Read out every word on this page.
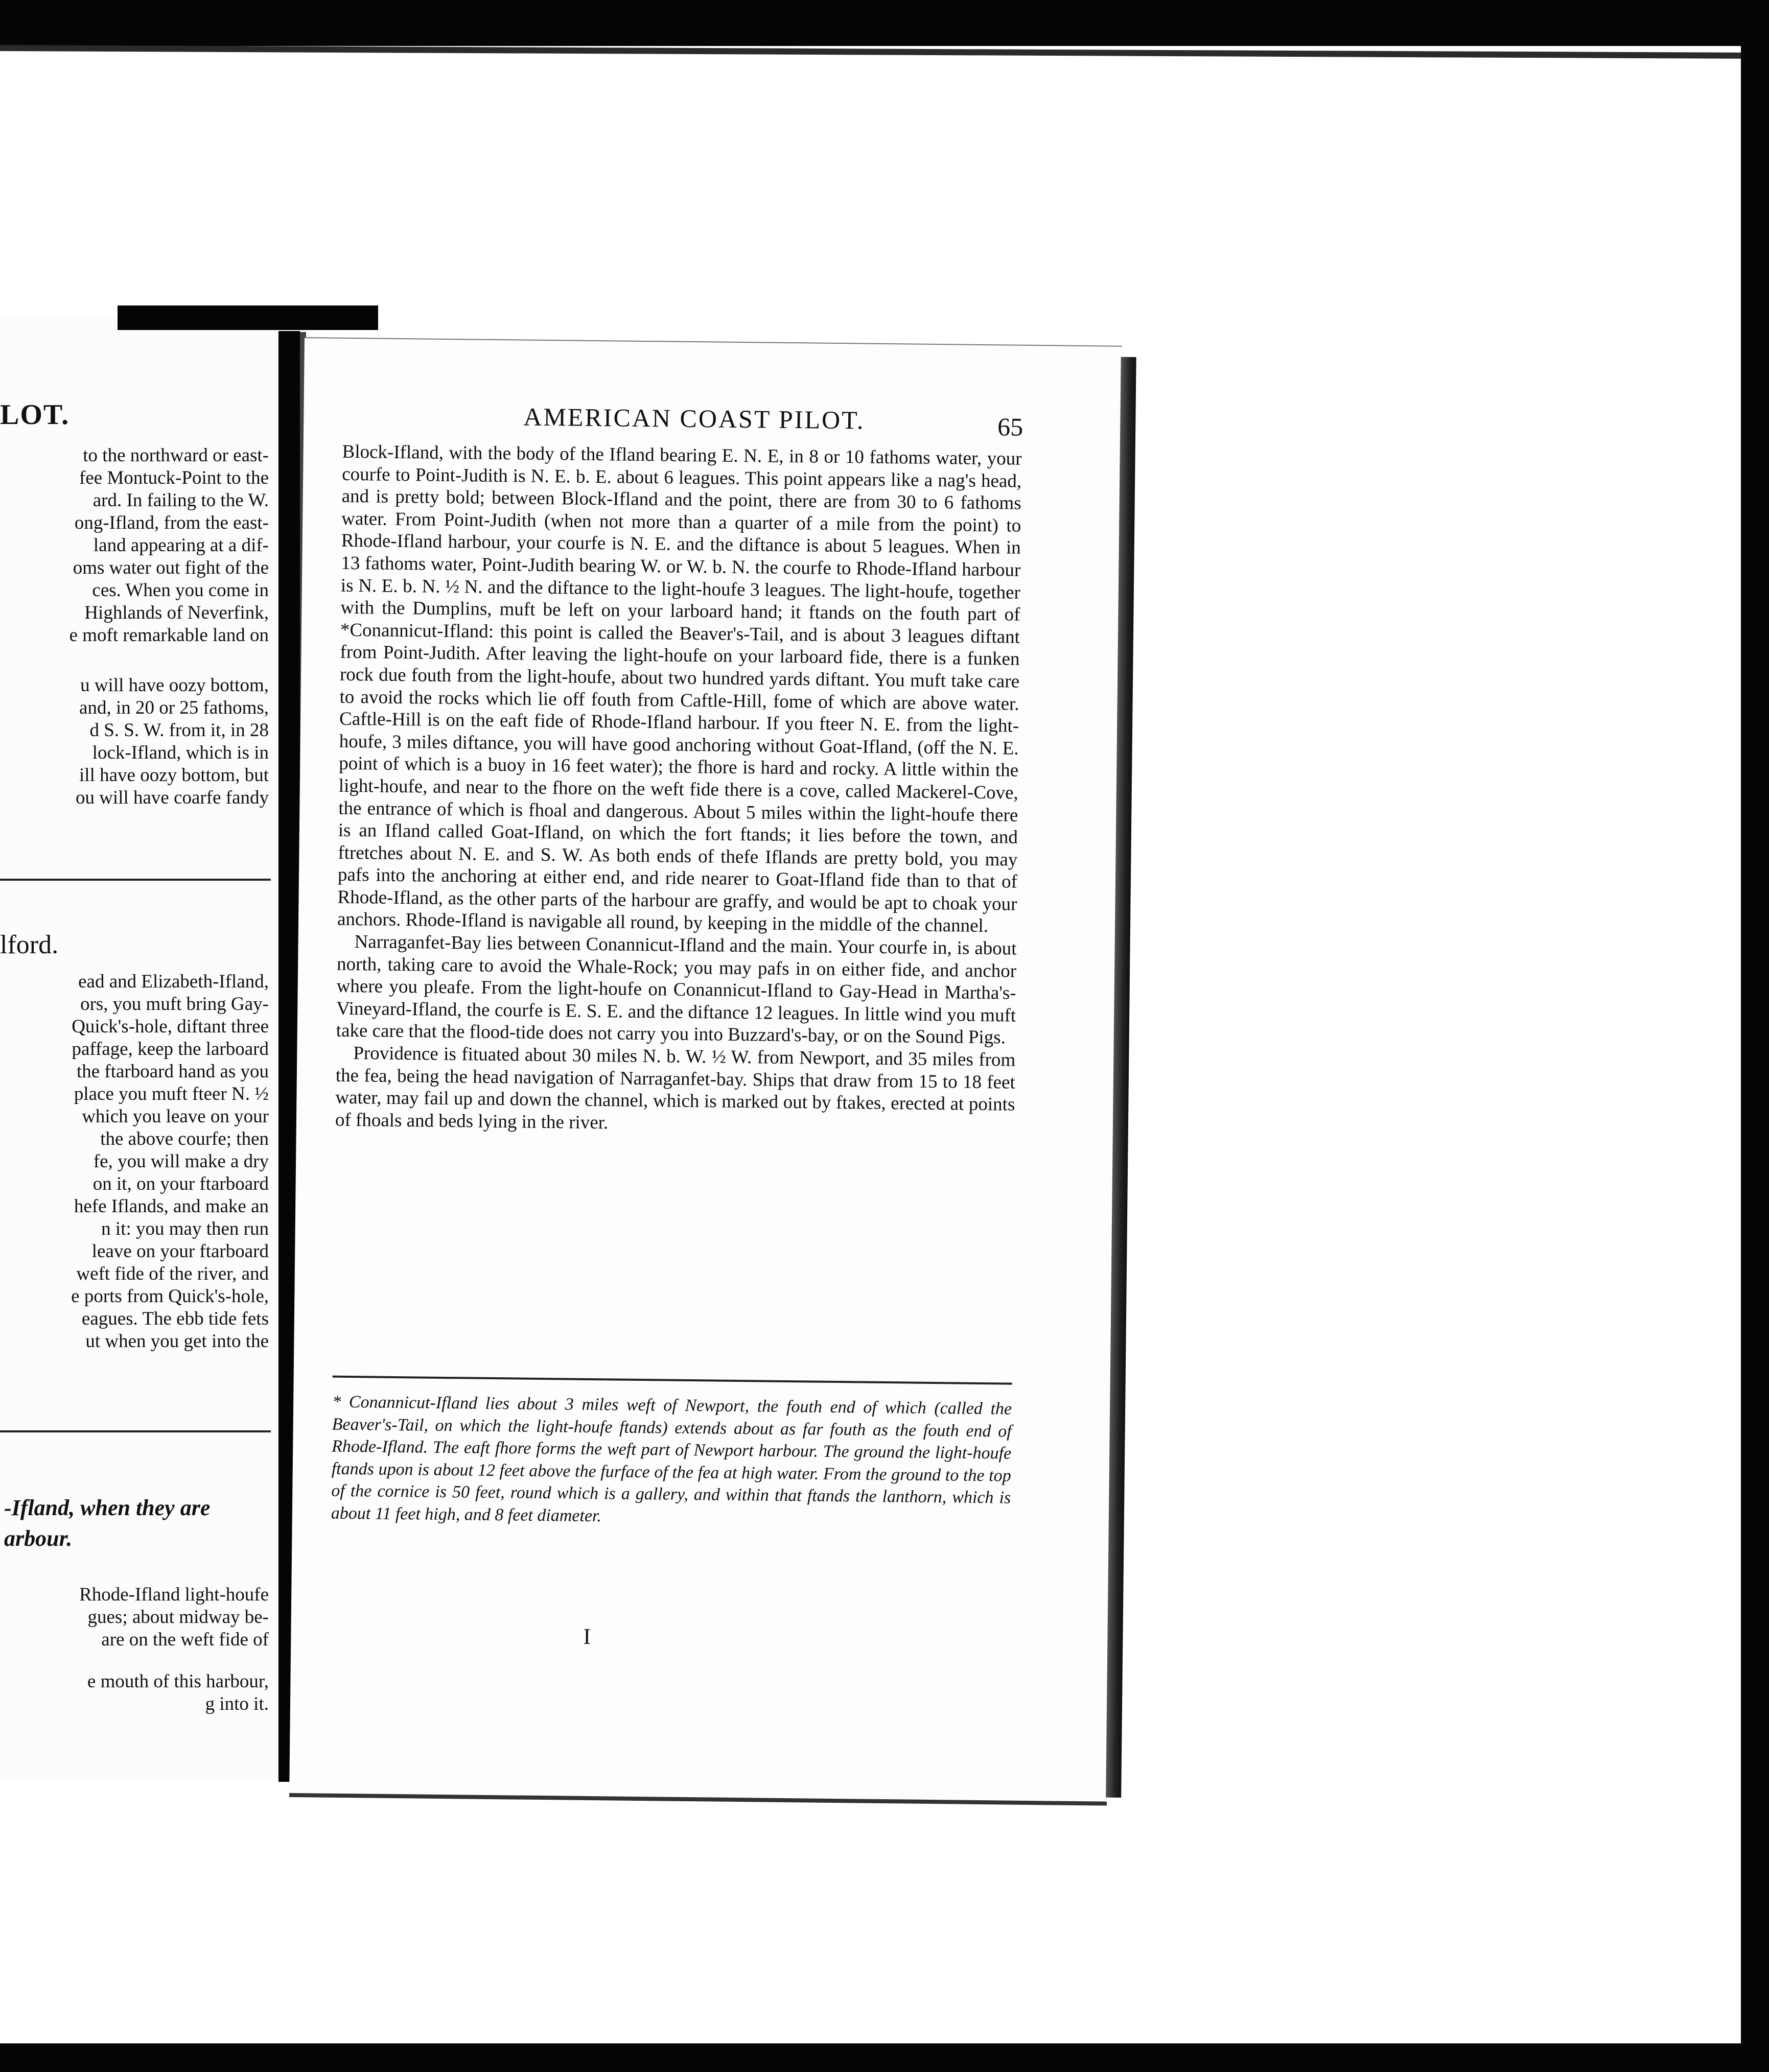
LOT.
to the northward or east-
fee Montuck-Point to the
ard. In failing to the W.
ong-Ifland, from the east-
land appearing at a dif-
oms water out fight of the
ces. When you come in
Highlands of Neverfink,
e moft remarkable land on
u will have oozy bottom,
and, in 20 or 25 fathoms,
d S. S. W. from it, in 28
lock-Ifland, which is in
ill have oozy bottom, but
ou will have coarfe fandy
lford.
ead and Elizabeth-Ifland,
ors, you muft bring Gay-
Quick's-hole, diftant three
paffage, keep the larboard
the ftarboard hand as you
place you muft fteer N. ½
which you leave on your
the above courfe; then
fe, you will make a dry
on it, on your ftarboard
hefe Iflands, and make an
n it: you may then run
leave on your ftarboard
weft fide of the river, and
e ports from Quick's-hole,
eagues. The ebb tide fets
ut when you get into the
-Ifland, when they are
arbour.
Rhode-Ifland light-houfe
gues; about midway be-
are on the weft fide of
e mouth of this harbour,
g into it.
AMERICAN COAST PILOT.	65

Block-Ifland, with the body of the Ifland bearing E. N. E, in 8 or 10 fathoms water, your courfe to Point-Judith is N. E. b. E. about 6 leagues. This point appears like a nag's head, and is pretty bold; between Block-Ifland and the point, there are from 30 to 6 fathoms water. From Point-Judith (when not more than a quarter of a mile from the point) to Rhode-Ifland harbour, your courfe is N. E. and the diftance is about 5 leagues. When in 13 fathoms water, Point-Judith bearing W. or W. b. N. the courfe to Rhode-Ifland harbour is N. E. b. N. ½ N. and the diftance to the light-houfe 3 leagues. The light-houfe, together with the Dumplins, muft be left on your larboard hand; it ftands on the fouth part of *Conannicut-Ifland: this point is called the Beaver's-Tail, and is about 3 leagues diftant from Point-Judith. After leaving the light-houfe on your larboard fide, there is a funken rock due fouth from the light-houfe, about two hundred yards diftant. You muft take care to avoid the rocks which lie off fouth from Caftle-Hill, fome of which are above water. Caftle-Hill is on the eaft fide of Rhode-Ifland harbour. If you fteer N. E. from the light-houfe, 3 miles diftance, you will have good anchoring without Goat-Ifland, (off the N. E. point of which is a buoy in 16 feet water); the fhore is hard and rocky. A little within the light-houfe, and near to the fhore on the weft fide there is a cove, called Mackerel-Cove, the entrance of which is fhoal and dangerous. About 5 miles within the light-houfe there is an Ifland called Goat-Ifland, on which the fort ftands; it lies before the town, and ftretches about N. E. and S. W. As both ends of thefe Iflands are pretty bold, you may pafs into the anchoring at either end, and ride nearer to Goat-Ifland fide than to that of Rhode-Ifland, as the other parts of the harbour are graffy, and would be apt to choak your anchors. Rhode-Ifland is navigable all round, by keeping in the middle of the channel.

Narraganfet-Bay lies between Conannicut-Ifland and the main. Your courfe in, is about north, taking care to avoid the Whale-Rock; you may pafs in on either fide, and anchor where you pleafe. From the light-houfe on Conannicut-Ifland to Gay-Head in Martha's-Vineyard-Ifland, the courfe is E. S. E. and the diftance 12 leagues. In little wind you muft take care that the flood-tide does not carry you into Buzzard's-bay, or on the Sound Pigs.

Providence is fituated about 30 miles N. b. W. ½ W. from Newport, and 35 miles from the fea, being the head navigation of Narraganfet-bay. Ships that draw from 15 to 18 feet water, may fail up and down the channel, which is marked out by ftakes, erected at points of fhoals and beds lying in the river.

* Conannicut-Ifland lies about 3 miles weft of Newport, the fouth end of which (called the Beaver's-Tail, on which the light-houfe ftands) extends about as far fouth as the fouth end of Rhode-Ifland. The eaft fhore forms the weft part of Newport harbour. The ground the light-houfe ftands upon is about 12 feet above the furface of the fea at high water. From the ground to the top of the cornice is 50 feet, round which is a gallery, and within that ftands the lanthorn, which is about 11 feet high, and 8 feet diameter.
I
